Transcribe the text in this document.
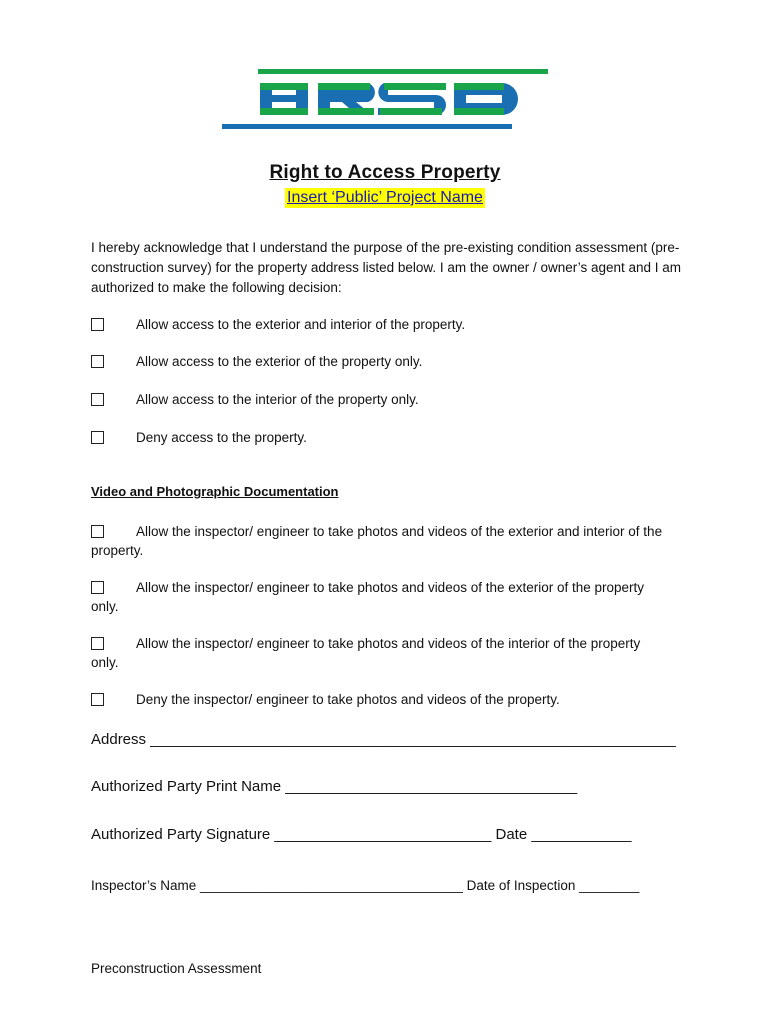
Right to Access Property
Insert ‘Public’ Project Name
I hereby acknowledge that I understand the purpose of the pre-existing condition assessment (pre-construction survey) for the property address listed below. I am the owner / owner’s agent and I am authorized to make the following decision:
Allow access to the exterior and interior of the property.
Allow access to the exterior of the property only.
Allow access to the interior of the property only.
Deny access to the property.
Video and Photographic Documentation
Allow the inspector/ engineer to take photos and videos of the exterior and interior of the
property.
Allow the inspector/ engineer to take photos and videos of the exterior of the property
only.
Allow the inspector/ engineer to take photos and videos of the interior of the property
only.
Deny the inspector/ engineer to take photos and videos of the property.
Address _______________________________________________________________
Authorized Party Print Name ___________________________________
Authorized Party Signature __________________________ Date ____________
Inspector’s Name ___________________________________ Date of Inspection ________
Preconstruction Assessment
